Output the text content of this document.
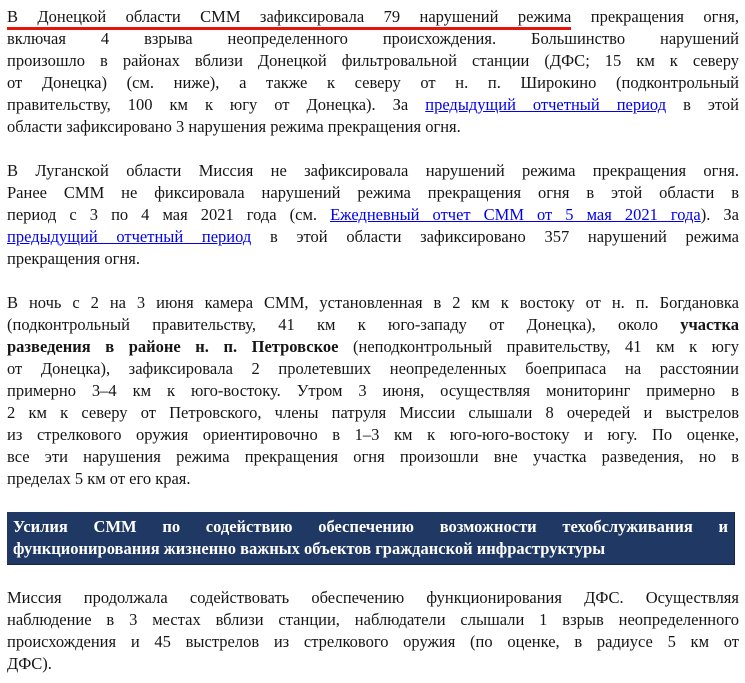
В Донецкой области СММ зафиксировала 79 нарушений режима прекращения огня,
включая 4 взрыва неопределенного происхождения. Большинство нарушений
произошло в районах вблизи Донецкой фильтровальной станции (ДФС; 15 км к северу
от Донецка) (см. ниже), а также к северу от н. п. Широкино (подконтрольный
правительству, 100 км к югу от Донецка). За предыдущий отчетный период в этой
области зафиксировано 3 нарушения режима прекращения огня.
В Луганской области Миссия не зафиксировала нарушений режима прекращения огня.
Ранее СММ не фиксировала нарушений режима прекращения огня в этой области в
период с 3 по 4 мая 2021 года (см. Ежедневный отчет СММ от 5 мая 2021 года). За
предыдущий отчетный период в этой области зафиксировано 357 нарушений режима
прекращения огня.
В ночь с 2 на 3 июня камера СММ, установленная в 2 км к востоку от н. п. Богдановка
(подконтрольный правительству, 41 км к юго-западу от Донецка), около участка
разведения в районе н. п. Петровское (неподконтрольный правительству, 41 км к югу
от Донецка), зафиксировала 2 пролетевших неопределенных боеприпаса на расстоянии
примерно 3–4 км к юго-востоку. Утром 3 июня, осуществляя мониторинг примерно в
2 км к северу от Петровского, члены патруля Миссии слышали 8 очередей и выстрелов
из стрелкового оружия ориентировочно в 1–3 км к юго-юго-востоку и югу. По оценке,
все эти нарушения режима прекращения огня произошли вне участка разведения, но в
пределах 5 км от его края.
Усилия СММ по содействию обеспечению возможности техобслуживания и
функционирования жизненно важных объектов гражданской инфраструктуры
Миссия продолжала содействовать обеспечению функционирования ДФС. Осуществляя
наблюдение в 3 местах вблизи станции, наблюдатели слышали 1 взрыв неопределенного
происхождения и 45 выстрелов из стрелкового оружия (по оценке, в радиусе 5 км от
ДФС).
